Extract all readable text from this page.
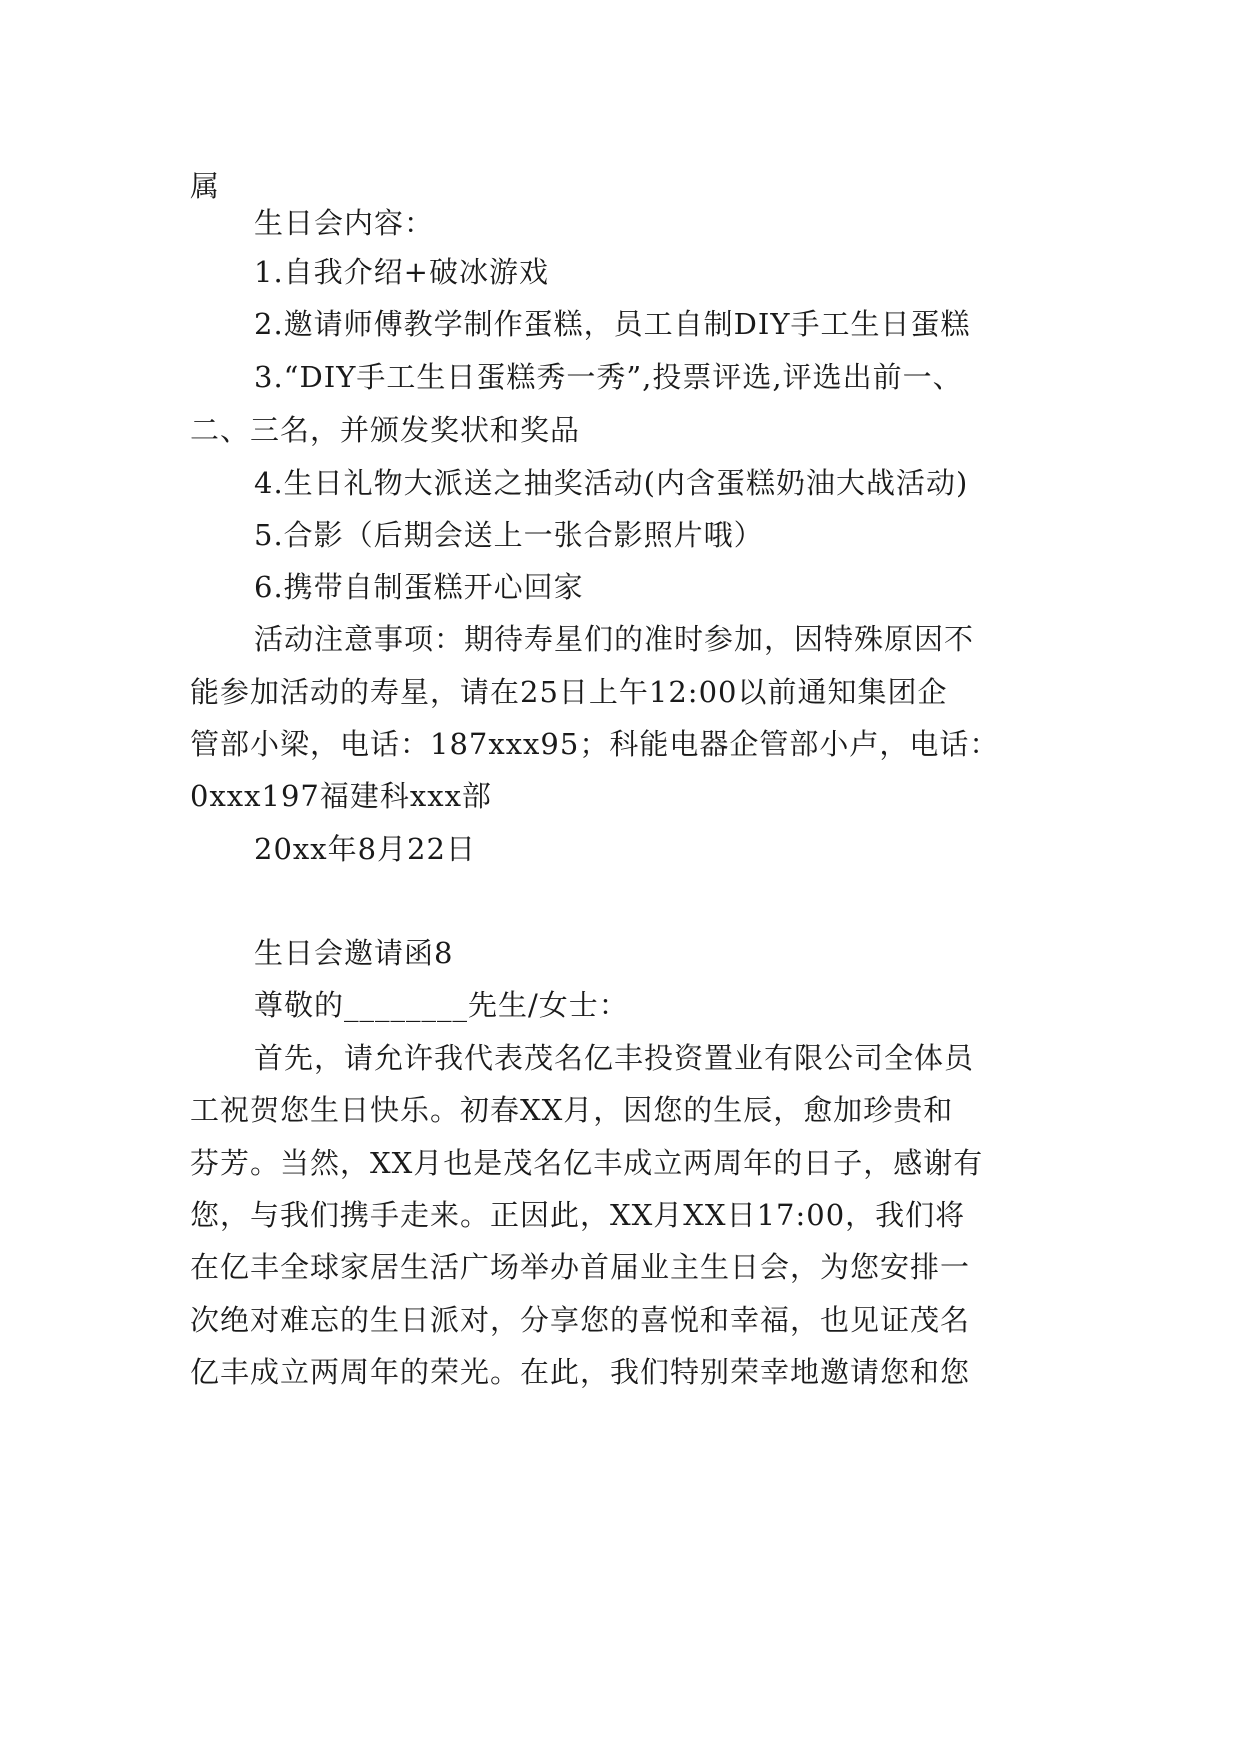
属
生日会内容：
1.自我介绍+破冰游戏
2.邀请师傅教学制作蛋糕，员工自制DIY手工生日蛋糕
3.“DIY手工生日蛋糕秀一秀”,投票评选,评选出前一、
二、三名，并颁发奖状和奖品
4.生日礼物大派送之抽奖活动(内含蛋糕奶油大战活动)
5.合影（后期会送上一张合影照片哦）
6.携带自制蛋糕开心回家
活动注意事项：期待寿星们的准时参加，因特殊原因不
能参加活动的寿星，请在25日上午12:00以前通知集团企
管部小梁，电话：187xxx95；科能电器企管部小卢，电话：
0xxx197福建科xxx部
20xx年8月22日
生日会邀请函8
尊敬的________先生/女士：
首先，请允许我代表茂名亿丰投资置业有限公司全体员
工祝贺您生日快乐。初春XX月，因您的生辰，愈加珍贵和
芬芳。当然，XX月也是茂名亿丰成立两周年的日子，感谢有
您，与我们携手走来。正因此，XX月XX日17:00，我们将
在亿丰全球家居生活广场举办首届业主生日会，为您安排一
次绝对难忘的生日派对，分享您的喜悦和幸福，也见证茂名
亿丰成立两周年的荣光。在此，我们特别荣幸地邀请您和您
